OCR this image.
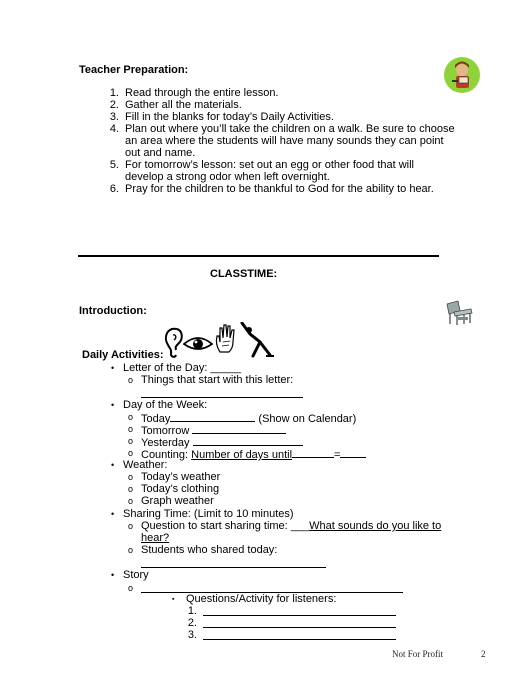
Teacher Preparation:
1. Read through the entire lesson.
2. Gather all the materials.
3. Fill in the blanks for today’s Daily Activities.
4. Plan out where you’ll take the children on a walk. Be sure to choose
an area where the students will have many sounds they can point
out and name.
5. For tomorrow’s lesson: set out an egg or other food that will
develop a strong odor when left overnight.
6. Pray for the children to be thankful to God for the ability to hear.
CLASSTIME:
Introduction:
Daily Activities:
• Letter of the Day: _____
o Things that start with this letter:
• Day of the Week:
o Today	(Show on Calendar)
o Tomorrow
o Yesterday
o Counting: Number of days until	=
• Weather:
o Today’s weather
o Today’s clothing
o Graph weather
• Sharing Time: (Limit to 10 minutes)
o Question to start sharing time: ___What sounds do you like to
hear?
o Students who shared today:
• Story
o
▪ Questions/Activity for listeners:
1.
2.
3.
Not For Profit	2
